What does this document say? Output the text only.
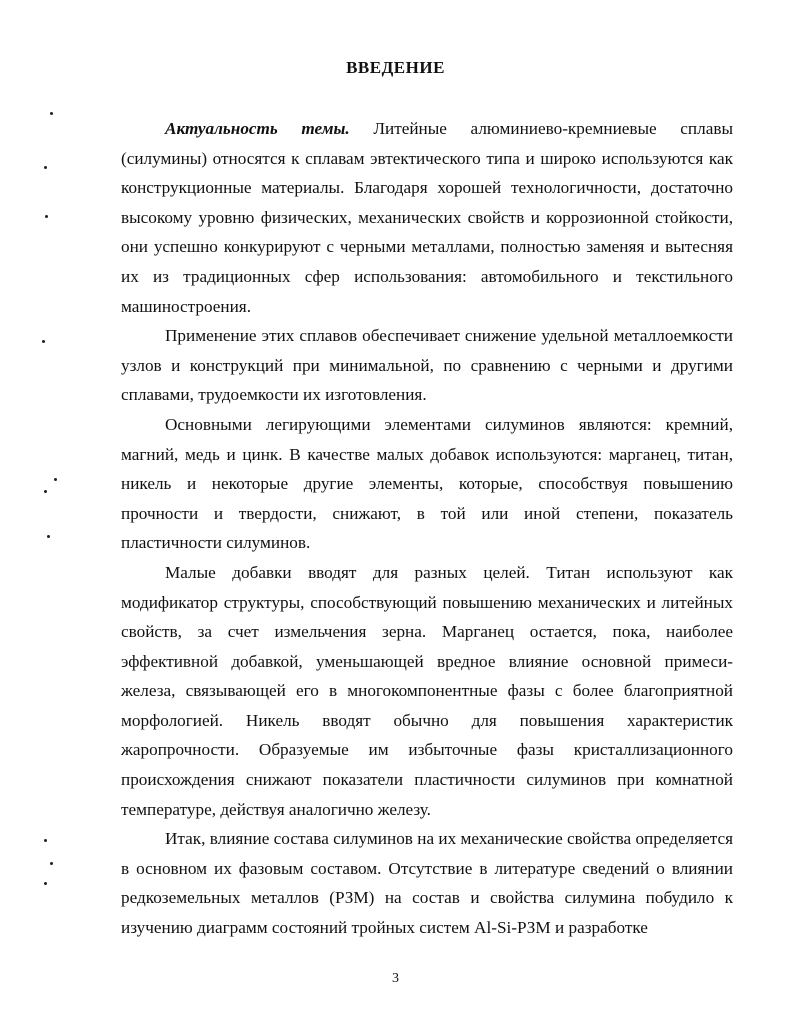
ВВЕДЕНИЕ

Актуальность темы. Литейные алюминиево-кремниевые сплавы (силумины) относятся к сплавам эвтектического типа и широко используются как конструкционные материалы. Благодаря хорошей технологичности, достаточно высокому уровню физических, механических свойств и коррозионной стойкости, они успешно конкурируют с черными металлами, полностью заменяя и вытесняя их из традиционных сфер использования: автомобильного и текстильного машиностроения.

Применение этих сплавов обеспечивает снижение удельной металлоемкости узлов и конструкций при минимальной, по сравнению с черными и другими сплавами, трудоемкости их изготовления.

Основными легирующими элементами силуминов являются: кремний, магний, медь и цинк. В качестве малых добавок используются: марганец, титан, никель и некоторые другие элементы, которые, способствуя повышению прочности и твердости, снижают, в той или иной степени, показатель пластичности силуминов.

Малые добавки вводят для разных целей. Титан используют как модификатор структуры, способствующий повышению механических и литейных свойств, за счет измельчения зерна. Марганец остается, пока, наиболее эффективной добавкой, уменьшающей вредное влияние основной примеси-железа, связывающей его в многокомпонентные фазы с более благоприятной морфологией. Никель вводят обычно для повышения характеристик жаропрочности. Образуемые им избыточные фазы кристаллизационного происхождения снижают показатели пластичности силуминов при комнатной температуре, действуя аналогично железу.

Итак, влияние состава силуминов на их механические свойства определяется в основном их фазовым составом. Отсутствие в литературе сведений о влиянии редкоземельных металлов (РЗМ) на состав и свойства силумина побудило к изучению диаграмм состояний тройных систем Al-Si-РЗМ и разработке

3
